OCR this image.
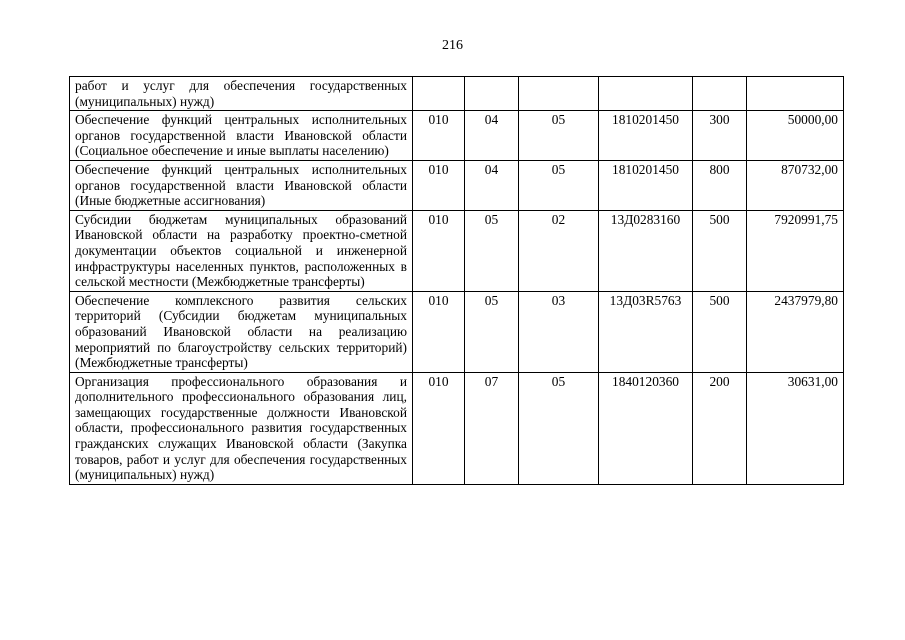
216
работ и услуг для обеспечения государственных (муниципальных) нужд)						
Обеспечение функций центральных исполнительных органов государственной власти Ивановской области (Социальное обеспечение и иные выплаты населению)	010	04	05	1810201450	300	50000,00
Обеспечение функций центральных исполнительных органов государственной власти Ивановской области (Иные бюджетные ассигнования)	010	04	05	1810201450	800	870732,00
Субсидии бюджетам муниципальных образований Ивановской области на разработку проектно-сметной документации объектов социальной и инженерной инфраструктуры населенных пунктов, расположенных в сельской местности (Межбюджетные трансферты)	010	05	02	13Д0283160	500	7920991,75
Обеспечение комплексного развития сельских территорий (Субсидии бюджетам муниципальных образований Ивановской области на реализацию мероприятий по благоустройству сельских территорий) (Межбюджетные трансферты)	010	05	03	13Д03R5763	500	2437979,80
Организация профессионального образования и дополнительного профессионального образования лиц, замещающих государственные должности Ивановской области, профессионального развития государственных гражданских служащих Ивановской области (Закупка товаров, работ и услуг для обеспечения государственных (муниципальных) нужд)	010	07	05	1840120360	200	30631,00
